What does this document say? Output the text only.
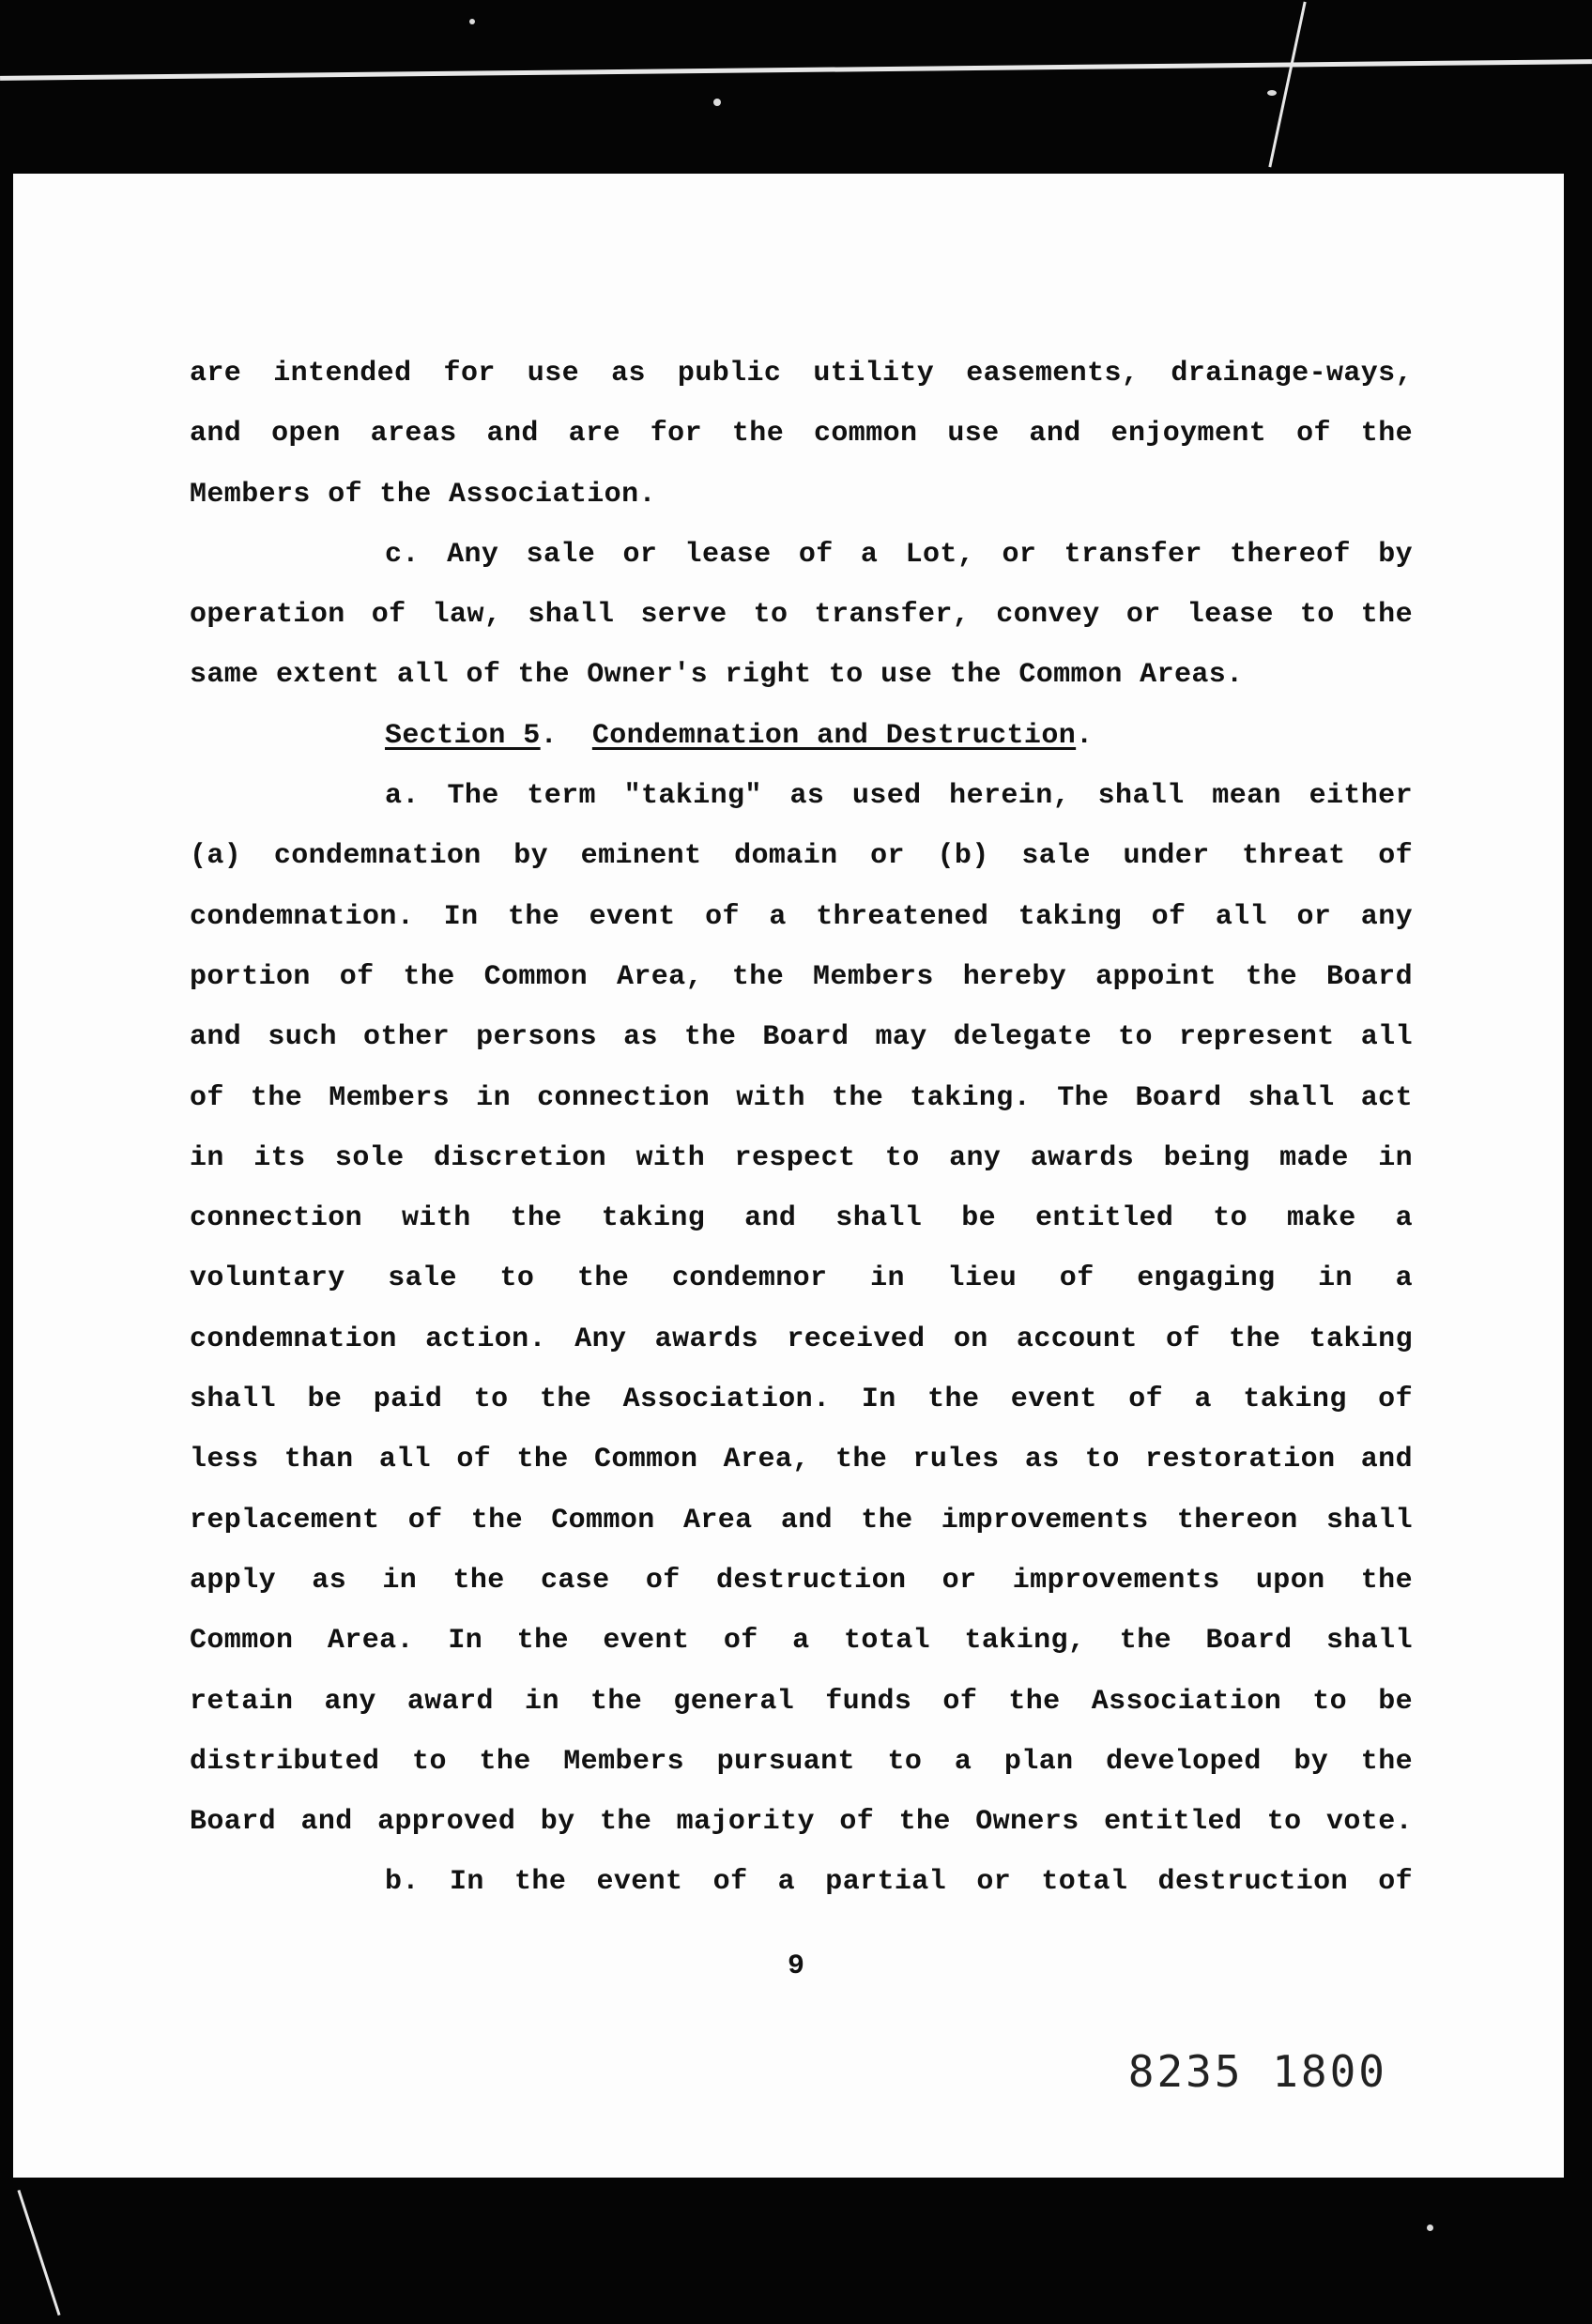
are intended for use as public utility easements, drainage-ways,
and open areas and are for the common use and enjoyment of the
Members of the Association.
c. Any sale or lease of a Lot, or transfer thereof by
operation of law, shall serve to transfer, convey or lease to the
same extent all of the Owner's right to use the Common Areas.
Section 5.  Condemnation and Destruction.
a. The term "taking" as used herein, shall mean either
(a) condemnation by eminent domain or (b) sale under threat of
condemnation. In the event of a threatened taking of all or any
portion of the Common Area, the Members hereby appoint the Board
and such other persons as the Board may delegate to represent all
of the Members in connection with the taking. The Board shall act
in its sole discretion with respect to any awards being made in
connection with the taking and shall be entitled to make a
voluntary sale to the condemnor in lieu of engaging in a
condemnation action. Any awards received on account of the taking
shall be paid to the Association. In the event of a taking of
less than all of the Common Area, the rules as to restoration and
replacement of the Common Area and the improvements thereon shall
apply as in the case of destruction or improvements upon the
Common Area. In the event of a total taking, the Board shall
retain any award in the general funds of the Association to be
distributed to the Members pursuant to a plan developed by the
Board and approved by the majority of the Owners entitled to vote.
b. In the event of a partial or total destruction of
9
8235 1800
